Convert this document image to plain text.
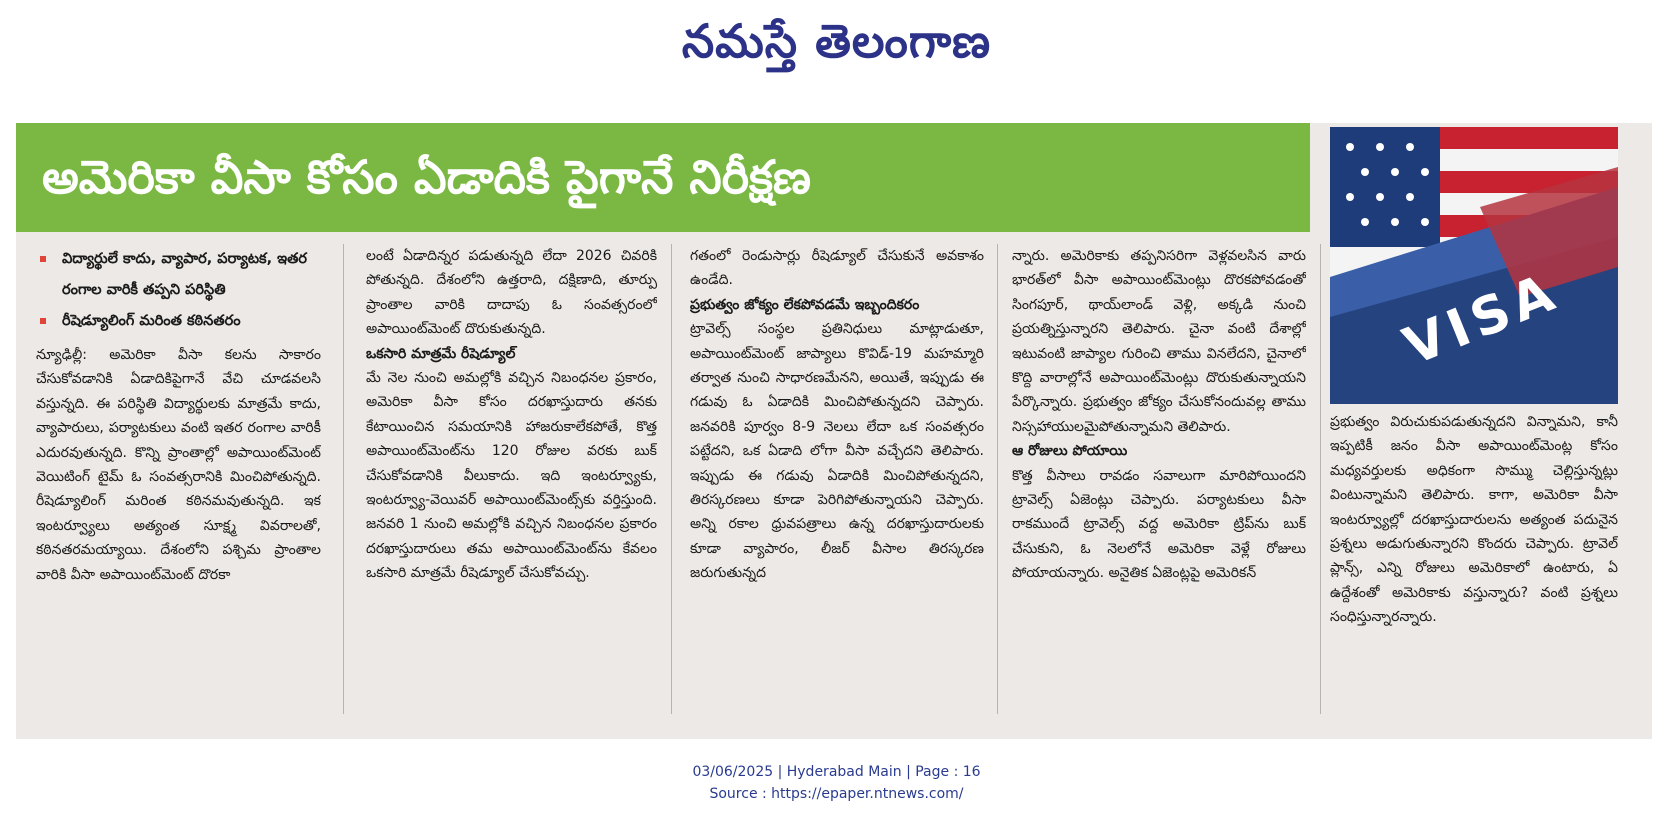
నమస్తే తెలంగాణ
అమెరికా వీసా కోసం ఏడాదికి పైగానే నిరీక్షణ
VISA
విద్యార్థులే కాదు, వ్యాపార, పర్యాటక, ఇతర రంగాల వారికీ తప్పని పరిస్థితి
రీషెడ్యూలింగ్ మరింత కఠినతరం
న్యూఢిల్లీ: అమెరికా వీసా కలను సాకారం చేసుకోవడానికి ఏడాదికిపైగానే వేచి చూడవలసి వస్తున్నది. ఈ పరిస్థితి విద్యార్థులకు మాత్రమే కాదు, వ్యాపారులు, పర్యాటకులు వంటి ఇతర రంగాల వారికీ ఎదురవుతున్నది. కొన్ని ప్రాంతాల్లో అపాయింట్‌మెంట్ వెయిటింగ్ టైమ్ ఓ సంవత్సరానికి మించిపోతున్నది. రీషెడ్యూలింగ్ మరింత కఠినమవుతున్నది. ఇక ఇంటర్వ్యూలు అత్యంత సూక్ష్మ వివరాలతో, కఠినతరమయ్యాయి. దేశంలోని పశ్చిమ ప్రాంతాల వారికి వీసా అపాయింట్‌మెంట్ దొరకా
లంటే ఏడాదిన్నర పడుతున్నది లేదా 2026 చివరికి పోతున్నది. దేశంలోని ఉత్తరాది, దక్షిణాది, తూర్పు ప్రాంతాల వారికి దాదాపు ఓ సంవత్సరంలో అపాయింట్‌మెంట్ దొరుకుతున్నది.
ఒకసారి మాత్రమే రీషెడ్యూల్
మే నెల నుంచి అమల్లోకి వచ్చిన నిబంధనల ప్రకారం, అమెరికా వీసా కోసం దరఖాస్తుదారు తనకు కేటాయించిన సమయానికి హాజరుకాలేకపోతే, కొత్త అపాయింట్‌మెంట్‌ను 120 రోజుల వరకు బుక్ చేసుకోవడానికి వీలుకాదు. ఇది ఇంటర్వ్యూకు, ఇంటర్వ్యూ-వెయివర్ అపాయింట్‌మెంట్స్‌కు వర్తిస్తుంది. జనవరి 1 నుంచి అమల్లోకి వచ్చిన నిబంధనల ప్రకారం దరఖాస్తుదారులు తమ అపాయింట్‌మెంట్‌ను కేవలం ఒకసారి మాత్రమే రీషెడ్యూల్ చేసుకోవచ్చు.
గతంలో రెండుసార్లు రీషెడ్యూల్ చేసుకునే అవకాశం ఉండేది.
ప్రభుత్వం జోక్యం లేకపోవడమే ఇబ్బందికరం
ట్రావెల్స్ సంస్థల ప్రతినిధులు మాట్లాడుతూ, అపాయింట్‌మెంట్ జాప్యాలు కొవిడ్-19 మహమ్మారి తర్వాత నుంచి సాధారణమేనని, అయితే, ఇప్పుడు ఈ గడువు ఓ ఏడాదికి మించిపోతున్నదని చెప్పారు. జనవరికి పూర్వం 8-9 నెలలు లేదా ఒక సంవత్సరం పట్టేదని, ఒక ఏడాది లోగా వీసా వచ్చేదని తెలిపారు. ఇప్పుడు ఈ గడువు ఏడాదికి మించిపోతున్నదని, తిరస్కరణలు కూడా పెరిగిపోతున్నాయని చెప్పారు. అన్ని రకాల ధ్రువపత్రాలు ఉన్న దరఖాస్తుదారులకు కూడా వ్యాపారం, లీజర్ వీసాల తిరస్కరణ జరుగుతున్నద
న్నారు. అమెరికాకు తప్పనిసరిగా వెళ్లవలసిన వారు భారత్‌లో వీసా అపాయింట్‌మెంట్లు దొరకపోవడంతో సింగపూర్, థాయ్‌లాండ్ వెళ్లి, అక్కడి నుంచి ప్రయత్నిస్తున్నారని తెలిపారు. చైనా వంటి దేశాల్లో ఇటువంటి జాప్యాల గురించి తాము వినలేదని, చైనాలో కొద్ది వారాల్లోనే అపాయింట్‌మెంట్లు దొరుకుతున్నాయని పేర్కొన్నారు. ప్రభుత్వం జోక్యం చేసుకోనందువల్ల తాము నిస్సహాయులమైపోతున్నామని తెలిపారు.
ఆ రోజులు పోయాయి
కొత్త వీసాలు రావడం సవాలుగా మారిపోయిందని ట్రావెల్స్ ఏజెంట్లు చెప్పారు. పర్యాటకులు వీసా రాకముందే ట్రావెల్స్ వద్ద అమెరికా ట్రిప్‌ను బుక్ చేసుకుని, ఓ నెలలోనే అమెరికా వెళ్లే రోజులు పోయాయన్నారు. అనైతిక ఏజెంట్లపై అమెరికన్
ప్రభుత్వం విరుచుకుపడుతున్నదని విన్నామని, కానీ ఇప్పటికీ జనం వీసా అపాయింట్‌మెంట్ల కోసం మధ్యవర్తులకు అధికంగా సొమ్ము చెల్లిస్తున్నట్లు వింటున్నామని తెలిపారు. కాగా, అమెరికా వీసా ఇంటర్వ్యూల్లో దరఖాస్తుదారులను అత్యంత పదునైన ప్రశ్నలు అడుగుతున్నారని కొందరు చెప్పారు. ట్రావెల్ ప్లాన్స్, ఎన్ని రోజులు అమెరికాలో ఉంటారు, ఏ ఉద్దేశంతో అమెరికాకు వస్తున్నారు? వంటి ప్రశ్నలు సంధిస్తున్నారన్నారు.
03/06/2025 | Hyderabad Main | Page : 16
Source : https://epaper.ntnews.com/
